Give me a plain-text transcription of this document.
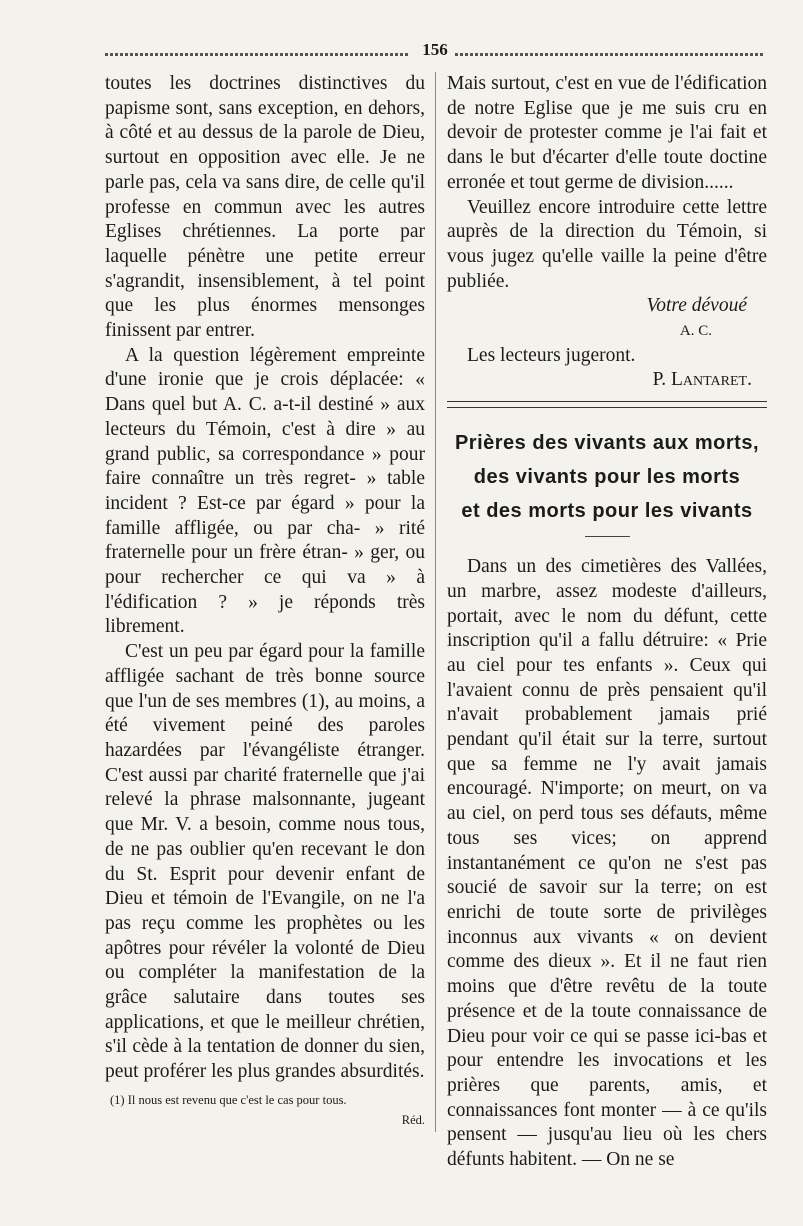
156

toutes les doctrines distinctives du papisme sont, sans exception, en dehors, à côté et au dessus de la parole de Dieu, surtout en opposition avec elle. Je ne parle pas, cela va sans dire, de celle qu'il professe en commun avec les autres Eglises chrétiennes. La porte par laquelle pénètre une petite erreur s'agrandit, insensiblement, à tel point que les plus énormes mensonges finissent par entrer.

A la question légèrement empreinte d'une ironie que je crois déplacée: « Dans quel but A. C. a-t-il destiné » aux lecteurs du Témoin, c'est à dire » au grand public, sa correspondance » pour faire connaître un très regret- » table incident ? Est-ce par égard » pour la famille affligée, ou par cha- » rité fraternelle pour un frère étran- » ger, ou pour rechercher ce qui va » à l'édification ? » je réponds très librement.

C'est un peu par égard pour la famille affligée sachant de très bonne source que l'un de ses membres (1), au moins, a été vivement peiné des paroles hazardées par l'évangéliste étranger. C'est aussi par charité fraternelle que j'ai relevé la phrase malsonnante, jugeant que Mr. V. a besoin, comme nous tous, de ne pas oublier qu'en recevant le don du St. Esprit pour devenir enfant de Dieu et témoin de l'Evangile, on ne l'a pas reçu comme les prophètes ou les apôtres pour révéler la volonté de Dieu ou compléter la manifestation de la grâce salutaire dans toutes ses applications, et que le meilleur chrétien, s'il cède à la tentation de donner du sien, peut proférer les plus grandes absurdités.

(1) Il nous est revenu que c'est le cas pour tous.
Réd.

Mais surtout, c'est en vue de l'édification de notre Eglise que je me suis cru en devoir de protester comme je l'ai fait et dans le but d'écarter d'elle toute doctine erronée et tout germe de division......

Veuillez encore introduire cette lettre auprès de la direction du Témoin, si vous jugez qu'elle vaille la peine d'être publiée.

Votre dévoué
A. C.
Les lecteurs jugeront.
P. Lantaret.
Prières des vivants aux morts,
des vivants pour les morts
et des morts pour les vivants

Dans un des cimetières des Vallées, un marbre, assez modeste d'ailleurs, portait, avec le nom du défunt, cette inscription qu'il a fallu détruire: « Prie au ciel pour tes enfants ». Ceux qui l'avaient connu de près pensaient qu'il n'avait probablement jamais prié pendant qu'il était sur la terre, surtout que sa femme ne l'y avait jamais encouragé. N'importe; on meurt, on va au ciel, on perd tous ses défauts, même tous ses vices; on apprend instantanément ce qu'on ne s'est pas soucié de savoir sur la terre; on est enrichi de toute sorte de privilèges inconnus aux vivants « on devient comme des dieux ». Et il ne faut rien moins que d'être revêtu de la toute présence et de la toute connaissance de Dieu pour voir ce qui se passe ici-bas et pour entendre les invocations et les prières que parents, amis, et connaissances font monter — à ce qu'ils pensent — jusqu'au lieu où les chers défunts habitent. — On ne se
